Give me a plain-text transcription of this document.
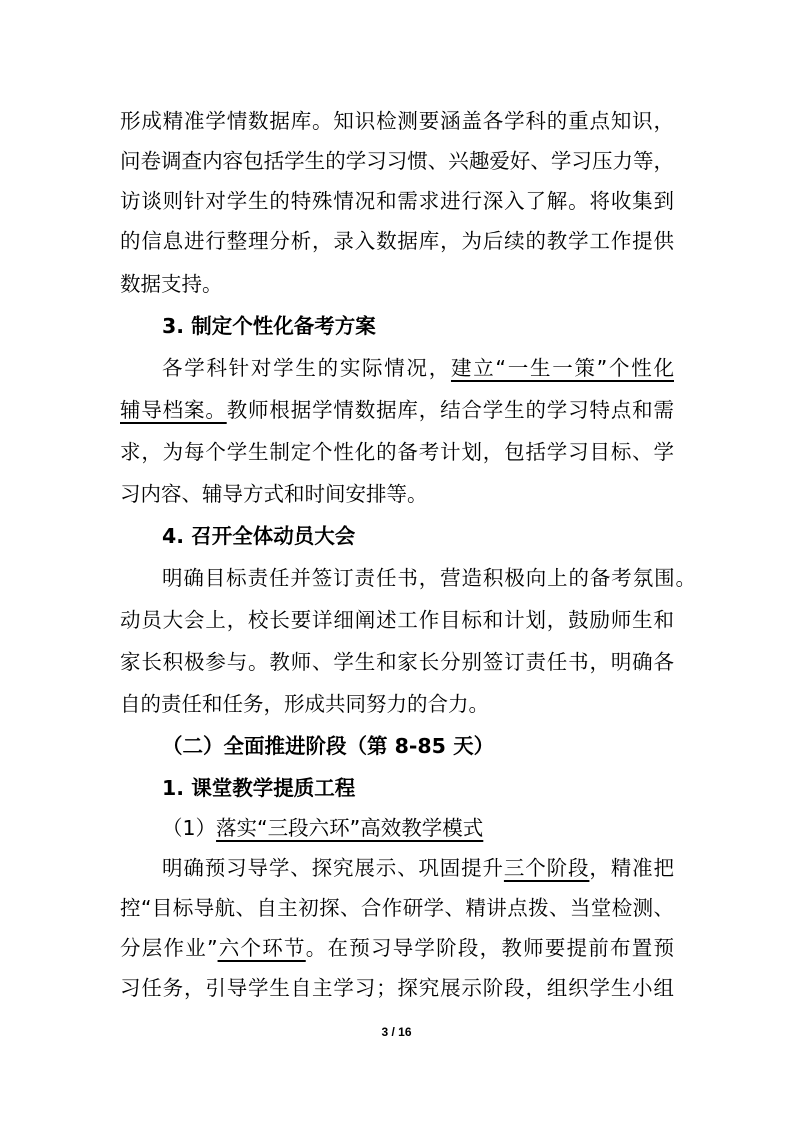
形成精准学情数据库。知识检测要涵盖各学科的重点知识，
问卷调查内容包括学生的学习习惯、兴趣爱好、学习压力等，
访谈则针对学生的特殊情况和需求进行深入了解。将收集到
的信息进行整理分析，录入数据库，为后续的教学工作提供
数据支持。
3. 制定个性化备考方案
各学科针对学生的实际情况，建立“一生一策”个性化
辅导档案。教师根据学情数据库，结合学生的学习特点和需
求，为每个学生制定个性化的备考计划，包括学习目标、学
习内容、辅导方式和时间安排等。
4. 召开全体动员大会
明确目标责任并签订责任书，营造积极向上的备考氛围。
动员大会上，校长要详细阐述工作目标和计划，鼓励师生和
家长积极参与。教师、学生和家长分别签订责任书，明确各
自的责任和任务，形成共同努力的合力。
（二）全面推进阶段（第 8-85 天）
1. 课堂教学提质工程
（1）落实“三段六环”高效教学模式
明确预习导学、探究展示、巩固提升三个阶段，精准把
控“目标导航、自主初探、合作研学、精讲点拨、当堂检测、
分层作业”六个环节。在预习导学阶段，教师要提前布置预
习任务，引导学生自主学习；探究展示阶段，组织学生小组
3 / 16
